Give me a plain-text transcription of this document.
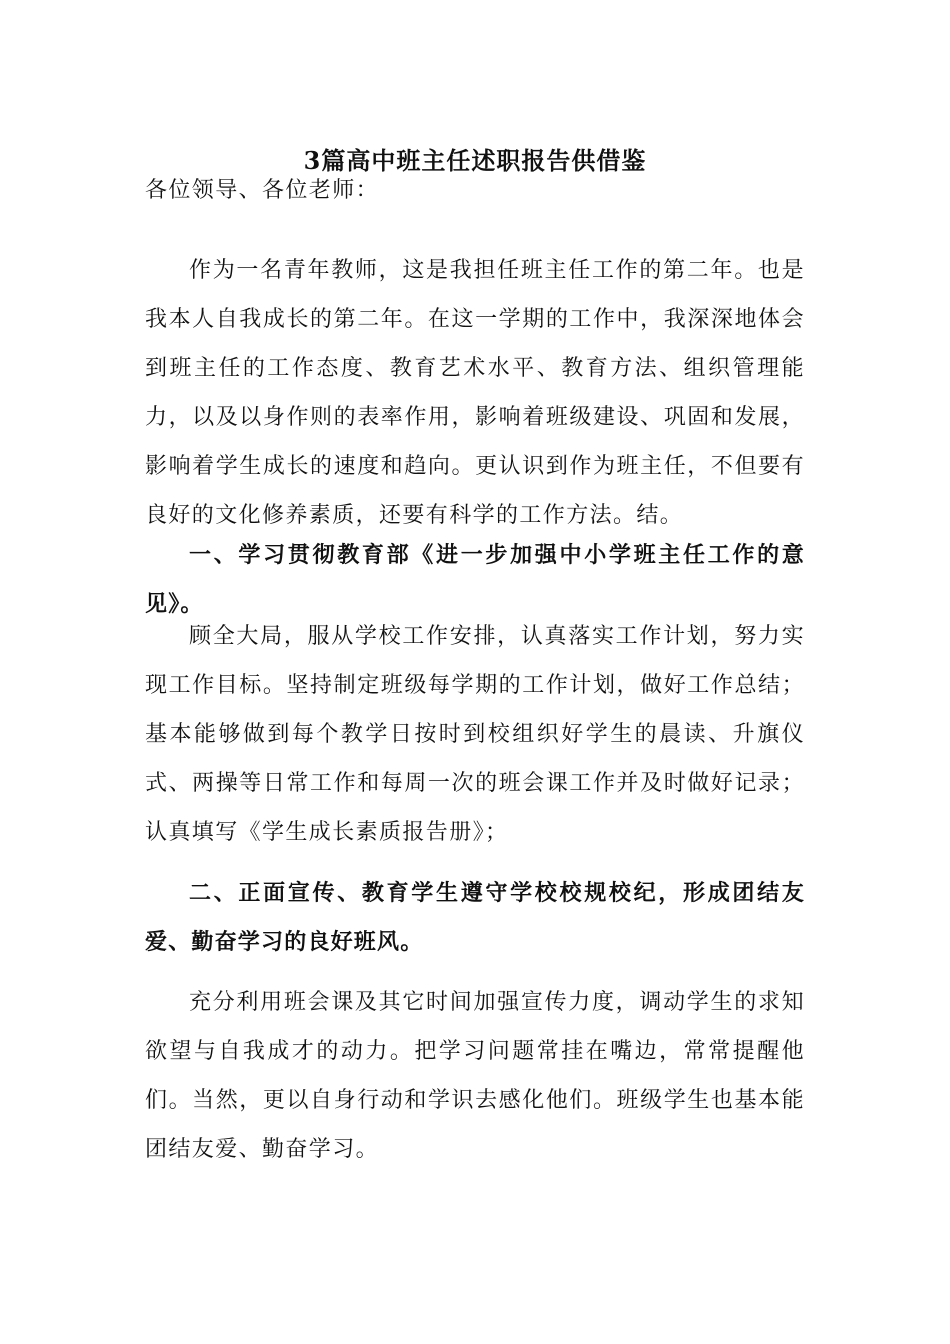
3篇高中班主任述职报告供借鉴

各位领导、各位老师：

作为一名青年教师，这是我担任班主任工作的第二年。也是我本人自我成长的第二年。在这一学期的工作中，我深深地体会到班主任的工作态度、教育艺术水平、教育方法、组织管理能力，以及以身作则的表率作用，影响着班级建设、巩固和发展，影响着学生成长的速度和趋向。更认识到作为班主任，不但要有良好的文化修养素质，还要有科学的工作方法。结。

一、学习贯彻教育部《进一步加强中小学班主任工作的意见》。

顾全大局，服从学校工作安排，认真落实工作计划，努力实现工作目标。坚持制定班级每学期的工作计划，做好工作总结；基本能够做到每个教学日按时到校组织好学生的晨读、升旗仪式、两操等日常工作和每周一次的班会课工作并及时做好记录；认真填写《学生成长素质报告册》；

二、正面宣传、教育学生遵守学校校规校纪，形成团结友爱、勤奋学习的良好班风。

充分利用班会课及其它时间加强宣传力度，调动学生的求知欲望与自我成才的动力。把学习问题常挂在嘴边，常常提醒他们。当然，更以自身行动和学识去感化他们。班级学生也基本能团结友爱、勤奋学习。
